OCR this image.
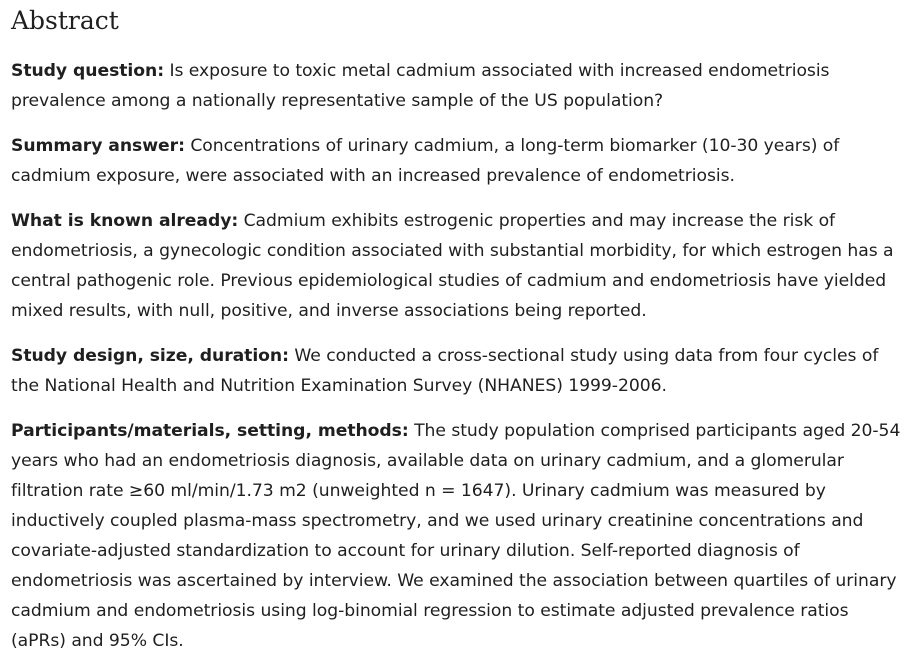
Abstract

Study question: Is exposure to toxic metal cadmium associated with increased endometriosis prevalence among a nationally representative sample of the US population?

Summary answer: Concentrations of urinary cadmium, a long-term biomarker (10-30 years) of cadmium exposure, were associated with an increased prevalence of endometriosis.

What is known already: Cadmium exhibits estrogenic properties and may increase the risk of endometriosis, a gynecologic condition associated with substantial morbidity, for which estrogen has a central pathogenic role. Previous epidemiological studies of cadmium and endometriosis have yielded mixed results, with null, positive, and inverse associations being reported.

Study design, size, duration: We conducted a cross-sectional study using data from four cycles of the National Health and Nutrition Examination Survey (NHANES) 1999-2006.

Participants/materials, setting, methods: The study population comprised participants aged 20-54 years who had an endometriosis diagnosis, available data on urinary cadmium, and a glomerular filtration rate ≥60 ml/min/1.73 m2 (unweighted n = 1647). Urinary cadmium was measured by inductively coupled plasma-mass spectrometry, and we used urinary creatinine concentrations and covariate-adjusted standardization to account for urinary dilution. Self-reported diagnosis of endometriosis was ascertained by interview. We examined the association between quartiles of urinary cadmium and endometriosis using log-binomial regression to estimate adjusted prevalence ratios (aPRs) and 95% CIs.
